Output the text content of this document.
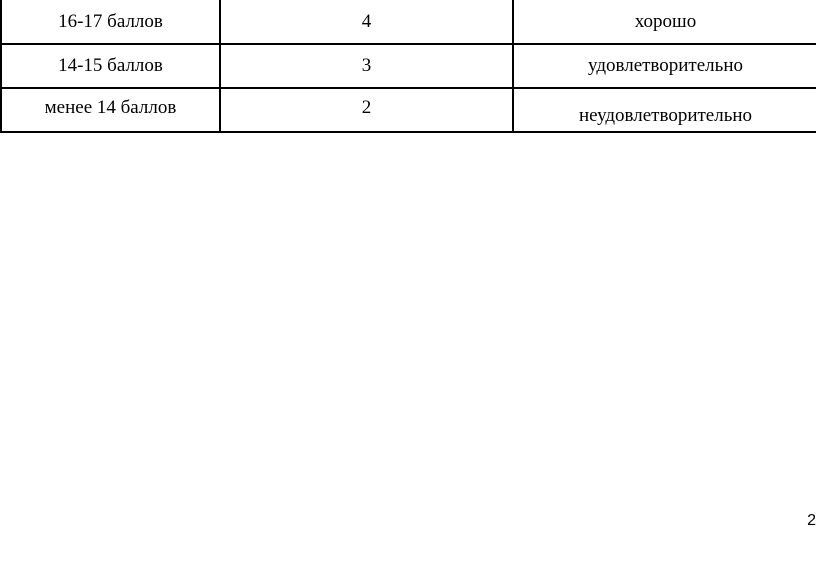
16-17 баллов	4	хорошо
14-15 баллов	3	удовлетворительно
менее 14 баллов	2	неудовлетворительно
2
